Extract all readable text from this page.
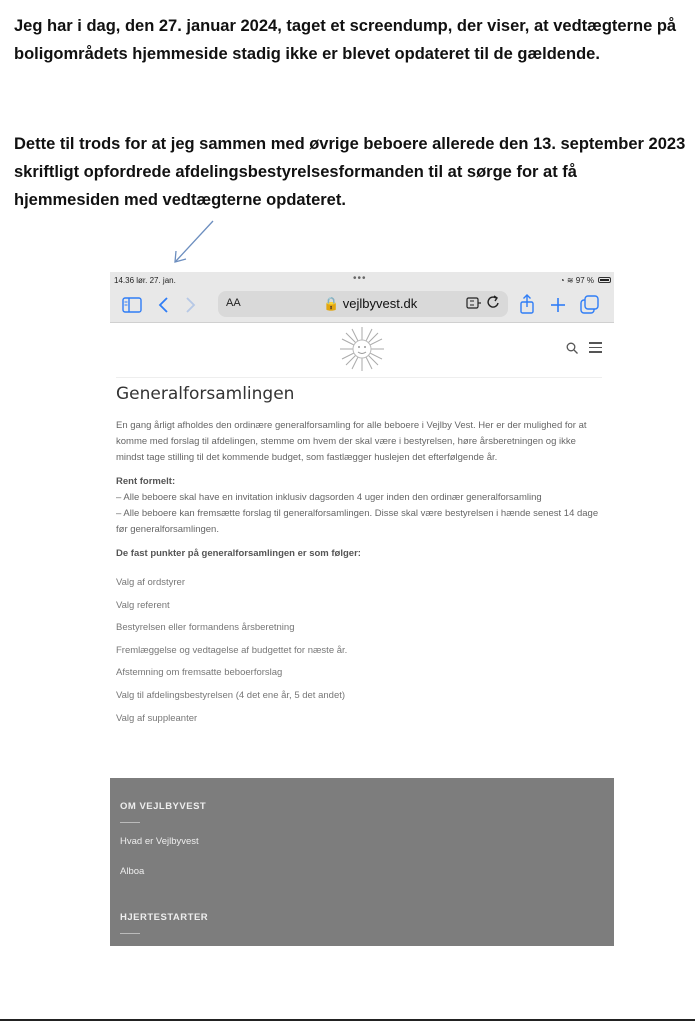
Jeg har i dag, den 27. januar 2024, taget et screendump, der viser, at vedtægterne på boligområdets hjemmeside stadig ikke er blevet opdateret til de gældende.

Dette til trods for at jeg sammen med øvrige beboere allerede den 13. september 2023 skriftligt opfordrede afdelingsbestyrelsesformanden til at sørge for at få hjemmesiden med vedtægterne opdateret.

14.36 lør. 27. jan.	•••	◔ ≋ 97 %
AA	🔒 vejlbyvest.dk
Generalforsamlingen

En gang årligt afholdes den ordinære generalforsamling for alle beboere i Vejlby Vest. Her er der mulighed for at komme med forslag til afdelingen, stemme om hvem der skal være i bestyrelsen, høre årsberetningen og ikke mindst tage stilling til det kommende budget, som fastlægger huslejen det efterfølgende år.

Rent formelt:

– Alle beboere skal have en invitation inklusiv dagsorden 4 uger inden den ordinær generalforsamling

– Alle beboere kan fremsætte forslag til generalforsamlingen. Disse skal være bestyrelsen i hænde senest 14 dage før generalforsamlingen.

De fast punkter på generalforsamlingen er som følger:

Valg af ordstyrer

Valg referent

Bestyrelsen eller formandens årsberetning

Fremlæggelse og vedtagelse af budgettet for næste år.

Afstemning om fremsatte beboerforslag

Valg til afdelingsbestyrelsen (4 det ene år, 5 det andet)

Valg af suppleanter

OM VEJLBYVEST
Hvad er Vejlbyvest
Alboa
HJERTESTARTER
